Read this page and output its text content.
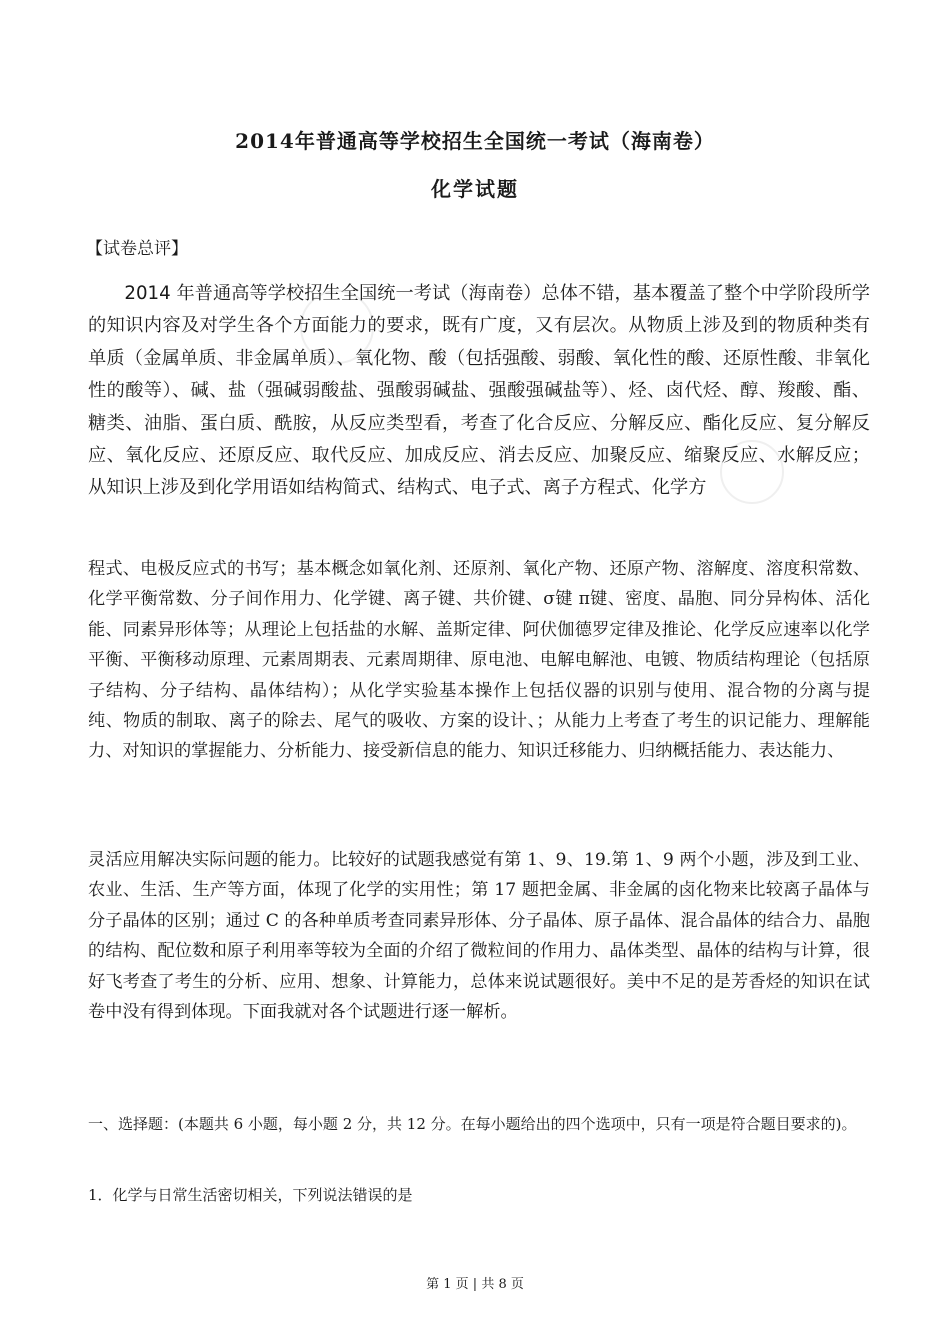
2014年普通高等学校招生全国统一考试（海南卷）
化学试题
【试卷总评】

2014 年普通高等学校招生全国统一考试（海南卷）总体不错，基本覆盖了整个中学阶段所学的知识内容及对学生各个方面能力的要求，既有广度，又有层次。从物质上涉及到的物质种类有单质（金属单质、非金属单质）、氧化物、酸（包括强酸、弱酸、氧化性的酸、还原性酸、非氧化性的酸等）、碱、盐（强碱弱酸盐、强酸弱碱盐、强酸强碱盐等）、烃、卤代烃、醇、羧酸、酯、糖类、油脂、蛋白质、酰胺，从反应类型看，考查了化合反应、分解反应、酯化反应、复分解反应、氧化反应、还原反应、取代反应、加成反应、消去反应、加聚反应、缩聚反应、水解反应；从知识上涉及到化学用语如结构简式、结构式、电子式、离子方程式、化学方

程式、电极反应式的书写；基本概念如氧化剂、还原剂、氧化产物、还原产物、溶解度、溶度积常数、化学平衡常数、分子间作用力、化学键、离子键、共价键、σ键 π键、密度、晶胞、同分异构体、活化能、同素异形体等；从理论上包括盐的水解、盖斯定律、阿伏伽德罗定律及推论、化学反应速率以化学平衡、平衡移动原理、元素周期表、元素周期律、原电池、电解电解池、电镀、物质结构理论（包括原子结构、分子结构、晶体结构）；从化学实验基本操作上包括仪器的识别与使用、混合物的分离与提纯、物质的制取、离子的除去、尾气的吸收、方案的设计、；从能力上考查了考生的识记能力、理解能力、对知识的掌握能力、分析能力、接受新信息的能力、知识迁移能力、归纳概括能力、表达能力、

灵活应用解决实际问题的能力。比较好的试题我感觉有第 1、9、19.第 1、9 两个小题，涉及到工业、农业、生活、生产等方面，体现了化学的实用性；第 17 题把金属、非金属的卤化物来比较离子晶体与分子晶体的区别；通过 C 的各种单质考查同素异形体、分子晶体、原子晶体、混合晶体的结合力、晶胞的结构、配位数和原子利用率等较为全面的介绍了微粒间的作用力、晶体类型、晶体的结构与计算，很好飞考查了考生的分析、应用、想象、计算能力，总体来说试题很好。美中不足的是芳香烃的知识在试卷中没有得到体现。下面我就对各个试题进行逐一解析。

一、选择题：(本题共 6 小题，每小题 2 分，共 12 分。在每小题给出的四个选项中，只有一项是符合题目要求的)。

1．化学与日常生活密切相关，下列说法错误的是
第 1 页 | 共 8 页
